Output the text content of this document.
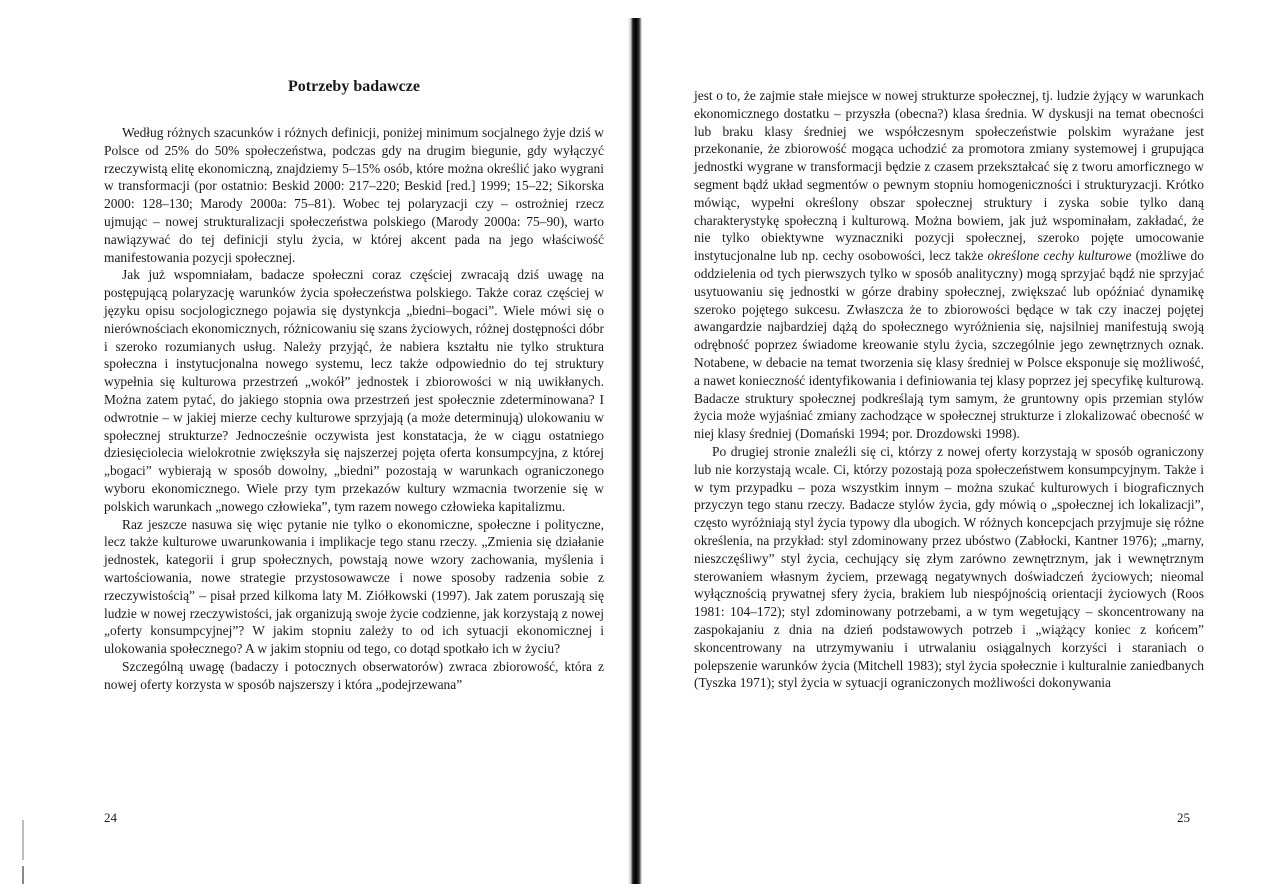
Potrzeby badawcze

Według różnych szacunków i różnych definicji, poniżej minimum socjalnego żyje dziś w Polsce od 25% do 50% społeczeństwa, podczas gdy na drugim biegunie, gdy wyłączyć rzeczywistą elitę ekonomiczną, znajdziemy 5–15% osób, które można określić jako wygrani w transformacji (por ostatnio: Beskid 2000: 217–220; Beskid [red.] 1999; 15–22; Sikorska 2000: 128–130; Marody 2000a: 75–81). Wobec tej polaryzacji czy – ostrożniej rzecz ujmując – nowej strukturalizacji społeczeństwa polskiego (Marody 2000a: 75–90), warto nawiązywać do tej definicji stylu życia, w której akcent pada na jego właściwość manifestowania pozycji społecznej.

Jak już wspomniałam, badacze społeczni coraz częściej zwracają dziś uwagę na postępującą polaryzację warunków życia społeczeństwa polskiego. Także coraz częściej w języku opisu socjologicznego pojawia się dystynkcja „biedni–bogaci”. Wiele mówi się o nierównościach ekonomicznych, różnicowaniu się szans życiowych, różnej dostępności dóbr i szeroko rozumianych usług. Należy przyjąć, że nabiera kształtu nie tylko struktura społeczna i instytucjonalna nowego systemu, lecz także odpowiednio do tej struktury wypełnia się kulturowa przestrzeń „wokół” jednostek i zbiorowości w nią uwikłanych. Można zatem pytać, do jakiego stopnia owa przestrzeń jest społecznie zdeterminowana? I odwrotnie – w jakiej mierze cechy kulturowe sprzyjają (a może determinują) ulokowaniu w społecznej strukturze? Jednocześnie oczywista jest konstatacja, że w ciągu ostatniego dziesięciolecia wielokrotnie zwiększyła się najszerzej pojęta oferta konsumpcyjna, z której „bogaci” wybierają w sposób dowolny, „biedni” pozostają w warunkach ograniczonego wyboru ekonomicznego. Wiele przy tym przekazów kultury wzmacnia tworzenie się w polskich warunkach „nowego człowieka”, tym razem nowego człowieka kapitalizmu.

Raz jeszcze nasuwa się więc pytanie nie tylko o ekonomiczne, społeczne i polityczne, lecz także kulturowe uwarunkowania i implikacje tego stanu rzeczy. „Zmienia się działanie jednostek, kategorii i grup społecznych, powstają nowe wzory zachowania, myślenia i wartościowania, nowe strategie przystosowawcze i nowe sposoby radzenia sobie z rzeczywistością” – pisał przed kilkoma laty M. Ziółkowski (1997). Jak zatem poruszają się ludzie w nowej rzeczywistości, jak organizują swoje życie codzienne, jak korzystają z nowej „oferty konsumpcyjnej”? W jakim stopniu zależy to od ich sytuacji ekonomicznej i ulokowania społecznego? A w jakim stopniu od tego, co dotąd spotkało ich w życiu?

Szczególną uwagę (badaczy i potocznych obserwatorów) zwraca zbiorowość, która z nowej oferty korzysta w sposób najszerszy i która „podejrzewana”

24

jest o to, że zajmie stałe miejsce w nowej strukturze społecznej, tj. ludzie żyjący w warunkach ekonomicznego dostatku – przyszła (obecna?) klasa średnia. W dyskusji na temat obecności lub braku klasy średniej we współczesnym społeczeństwie polskim wyrażane jest przekonanie, że zbiorowość mogąca uchodzić za promotora zmiany systemowej i grupująca jednostki wygrane w transformacji będzie z czasem przekształcać się z tworu amorficznego w segment bądź układ segmentów o pewnym stopniu homogeniczności i strukturyzacji. Krótko mówiąc, wypełni określony obszar społecznej struktury i zyska sobie tylko daną charakterystykę społeczną i kulturową. Można bowiem, jak już wspominałam, zakładać, że nie tylko obiektywne wyznaczniki pozycji społecznej, szeroko pojęte umocowanie instytucjonalne lub np. cechy osobowości, lecz także określone cechy kulturowe (możliwe do oddzielenia od tych pierwszych tylko w sposób analityczny) mogą sprzyjać bądź nie sprzyjać usytuowaniu się jednostki w górze drabiny społecznej, zwiększać lub opóźniać dynamikę szeroko pojętego sukcesu. Zwłaszcza że to zbiorowości będące w tak czy inaczej pojętej awangardzie najbardziej dążą do społecznego wyróżnienia się, najsilniej manifestują swoją odrębność poprzez świadome kreowanie stylu życia, szczególnie jego zewnętrznych oznak. Notabene, w debacie na temat tworzenia się klasy średniej w Polsce eksponuje się możliwość, a nawet konieczność identyfikowania i definiowania tej klasy poprzez jej specyfikę kulturową. Badacze struktury społecznej podkreślają tym samym, że gruntowny opis przemian stylów życia może wyjaśniać zmiany zachodzące w społecznej strukturze i zlokalizować obecność w niej klasy średniej (Domański 1994; por. Drozdowski 1998).

Po drugiej stronie znaleźli się ci, którzy z nowej oferty korzystają w sposób ograniczony lub nie korzystają wcale. Ci, którzy pozostają poza społeczeństwem konsumpcyjnym. Także i w tym przypadku – poza wszystkim innym – można szukać kulturowych i biograficznych przyczyn tego stanu rzeczy. Badacze stylów życia, gdy mówią o „społecznej ich lokalizacji”, często wyróżniają styl życia typowy dla ubogich. W różnych koncepcjach przyjmuje się różne określenia, na przykład: styl zdominowany przez ubóstwo (Zabłocki, Kantner 1976); „marny, nieszczęśliwy” styl życia, cechujący się złym zarówno zewnętrznym, jak i wewnętrznym sterowaniem własnym życiem, przewagą negatywnych doświadczeń życiowych; nieomal wyłącznością prywatnej sfery życia, brakiem lub niespójnością orientacji życiowych (Roos 1981: 104–172); styl zdominowany potrzebami, a w tym wegetujący – skoncentrowany na zaspokajaniu z dnia na dzień podstawowych potrzeb i „wiążący koniec z końcem” skoncentrowany na utrzymywaniu i utrwalaniu osiągalnych korzyści i staraniach o polepszenie warunków życia (Mitchell 1983); styl życia społecznie i kulturalnie zaniedbanych (Tyszka 1971); styl życia w sytuacji ograniczonych możliwości dokonywania

25
